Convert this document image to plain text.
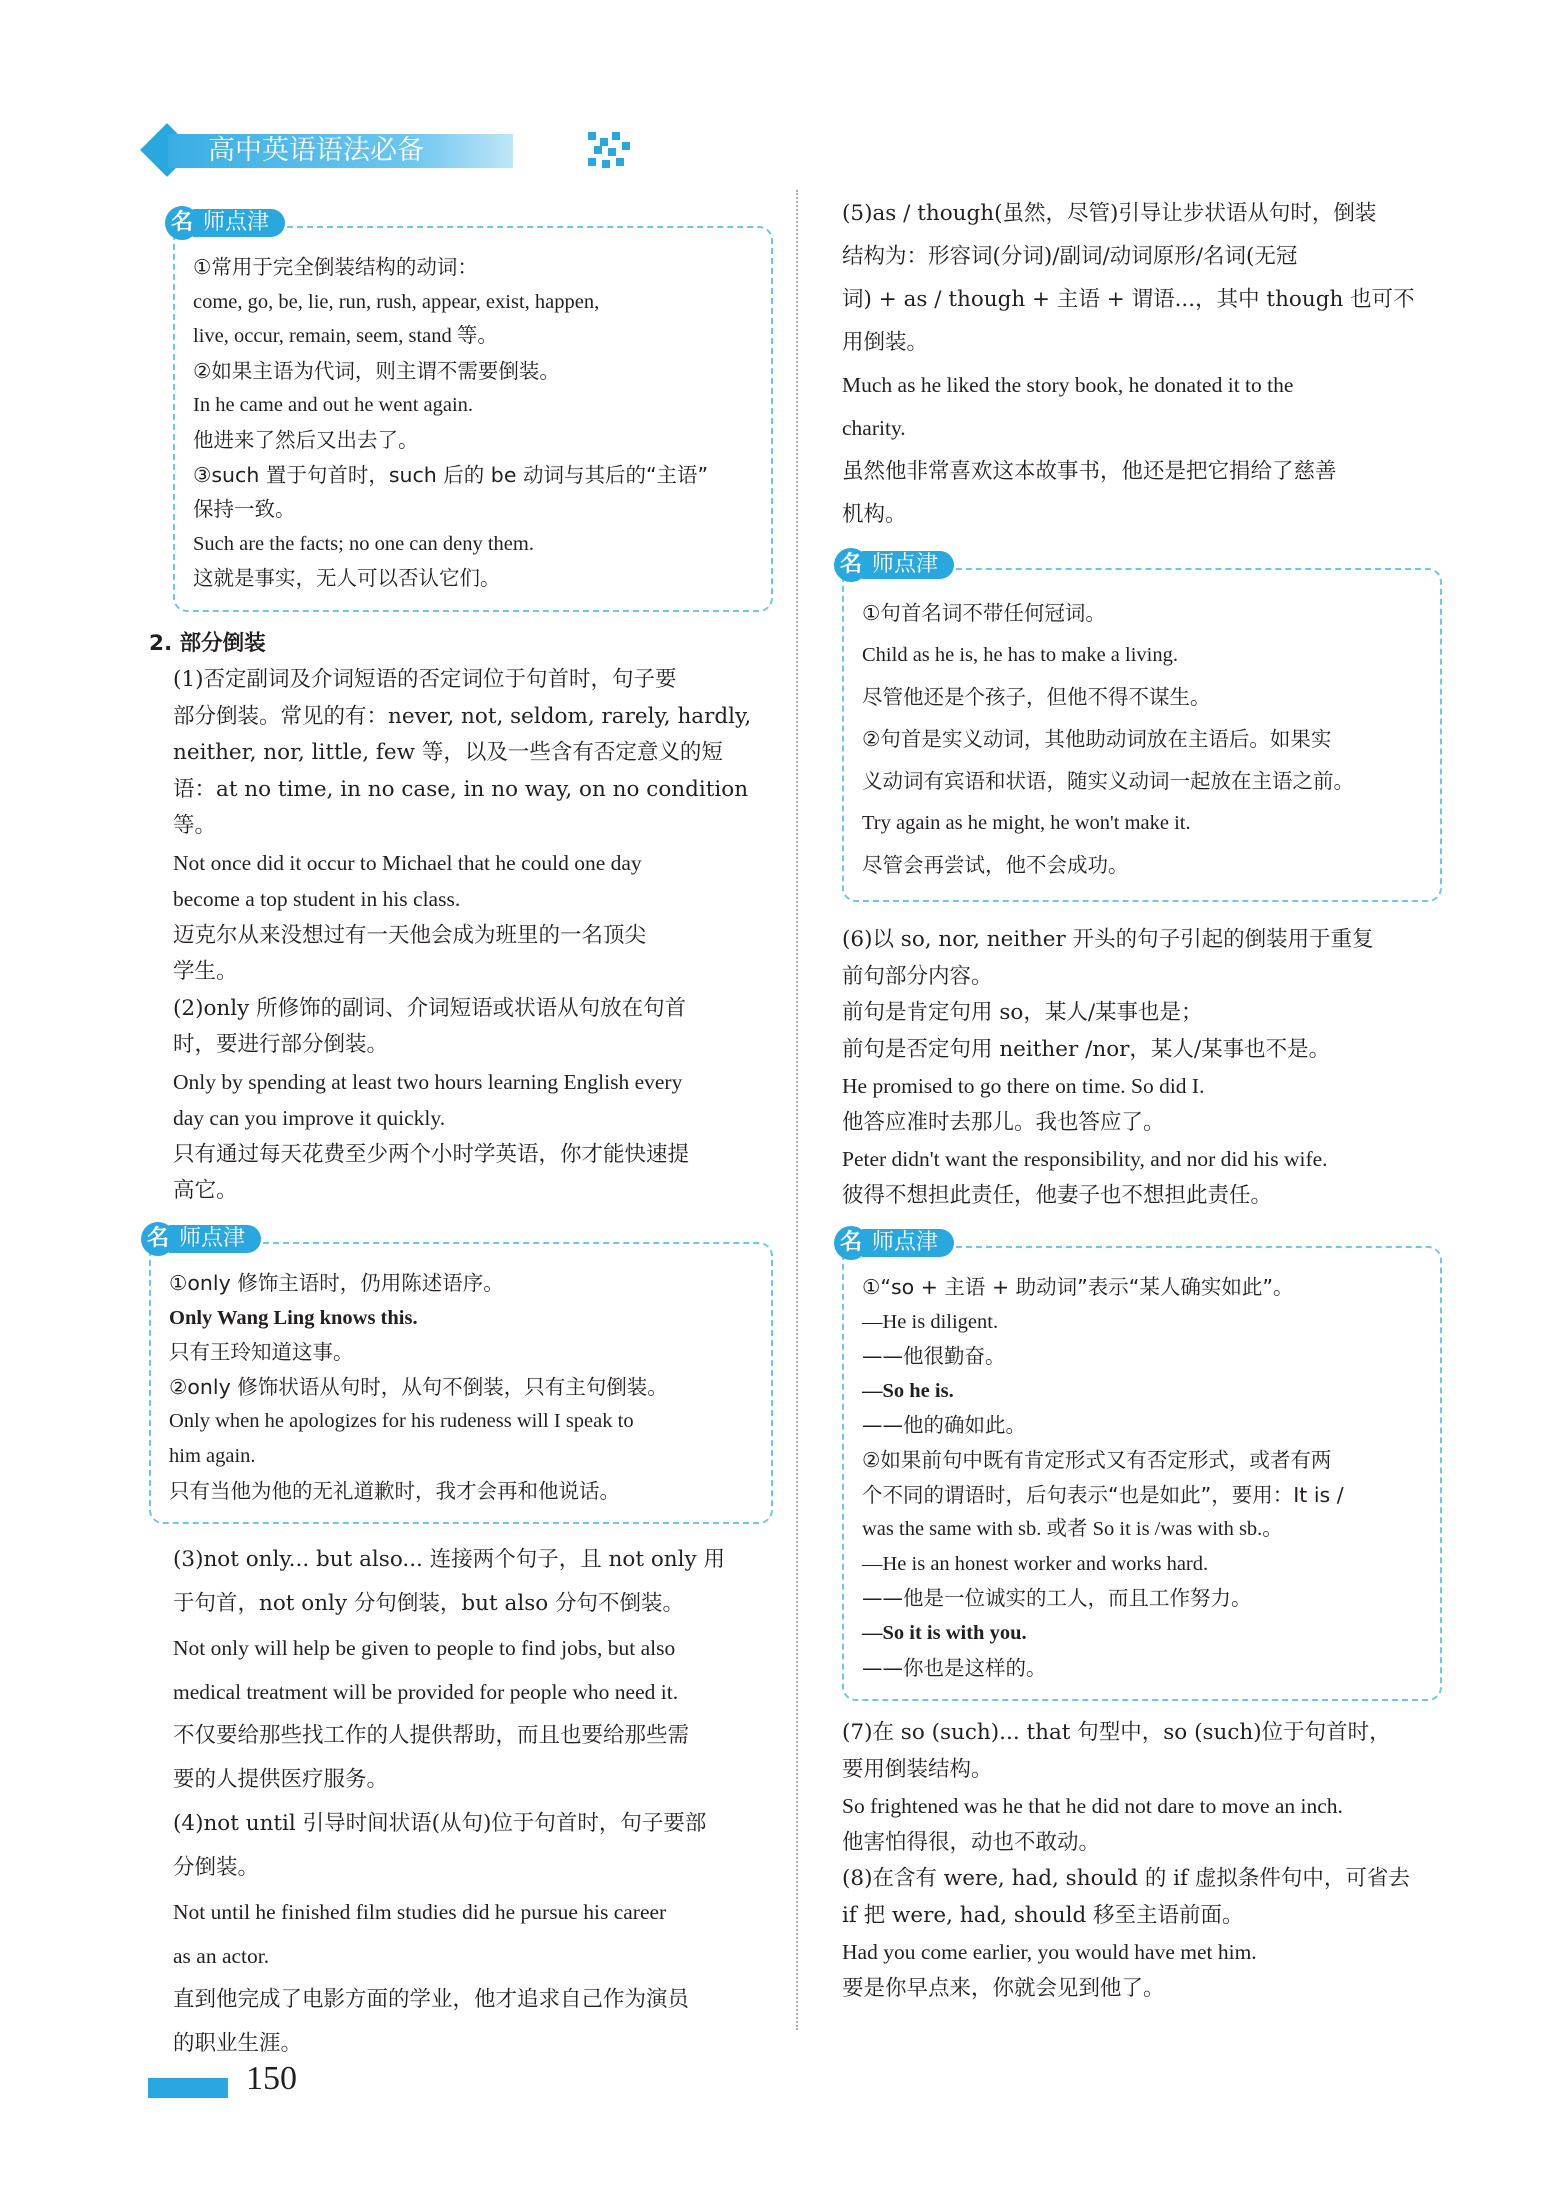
高中英语语法必备
名 师点津

①常用于完全倒装结构的动词：

come, go, be, lie, run, rush, appear, exist, happen,

live, occur, remain, seem, stand 等。

②如果主语为代词，则主谓不需要倒装。

In he came and out he went again.

他进来了然后又出去了。

③such 置于句首时，such 后的 be 动词与其后的“主语”

保持一致。

Such are the facts; no one can deny them.

这就是事实，无人可以否认它们。

2. 部分倒装

(1)否定副词及介词短语的否定词位于句首时，句子要

部分倒装。常见的有：never, not, seldom, rarely, hardly,

neither, nor, little, few 等，以及一些含有否定意义的短

语：at no time, in no case, in no way, on no condition 等。

Not once did it occur to Michael that he could one day

become a top student in his class.

迈克尔从来没想过有一天他会成为班里的一名顶尖

学生。

(2)only 所修饰的副词、介词短语或状语从句放在句首

时，要进行部分倒装。

Only by spending at least two hours learning English every

day can you improve it quickly.

只有通过每天花费至少两个小时学英语，你才能快速提

高它。

名 师点津

①only 修饰主语时，仍用陈述语序。

Only Wang Ling knows this.

只有王玲知道这事。

②only 修饰状语从句时，从句不倒装，只有主句倒装。

Only when he apologizes for his rudeness will I speak to

him again.

只有当他为他的无礼道歉时，我才会再和他说话。

(3)not only... but also... 连接两个句子，且 not only 用

于句首，not only 分句倒装，but also 分句不倒装。

Not only will help be given to people to find jobs, but also

medical treatment will be provided for people who need it.

不仅要给那些找工作的人提供帮助，而且也要给那些需

要的人提供医疗服务。

(4)not until 引导时间状语(从句)位于句首时，句子要部

分倒装。

Not until he finished film studies did he pursue his career

as an actor.

直到他完成了电影方面的学业，他才追求自己作为演员

的职业生涯。

(5)as / though(虽然，尽管)引导让步状语从句时，倒装

结构为：形容词(分词)/副词/动词原形/名词(无冠

词) + as / though + 主语 + 谓语...，其中 though 也可不

用倒装。

Much as he liked the story book, he donated it to the

charity.

虽然他非常喜欢这本故事书，他还是把它捐给了慈善

机构。

名 师点津

①句首名词不带任何冠词。

Child as he is, he has to make a living.

尽管他还是个孩子，但他不得不谋生。

②句首是实义动词，其他助动词放在主语后。如果实

义动词有宾语和状语，随实义动词一起放在主语之前。

Try again as he might, he won't make it.

尽管会再尝试，他不会成功。

(6)以 so, nor, neither 开头的句子引起的倒装用于重复

前句部分内容。

前句是肯定句用 so，某人/某事也是；

前句是否定句用 neither /nor，某人/某事也不是。

He promised to go there on time. So did I.

他答应准时去那儿。我也答应了。

Peter didn't want the responsibility, and nor did his wife.

彼得不想担此责任，他妻子也不想担此责任。

名 师点津

①“so + 主语 + 助动词”表示“某人确实如此”。

—He is diligent.

——他很勤奋。

—So he is.

——他的确如此。

②如果前句中既有肯定形式又有否定形式，或者有两

个不同的谓语时，后句表示“也是如此”，要用：It is /

was the same with sb. 或者 So it is /was with sb.。

—He is an honest worker and works hard.

——他是一位诚实的工人，而且工作努力。

—So it is with you.

——你也是这样的。

(7)在 so (such)... that 句型中，so (such)位于句首时，

要用倒装结构。

So frightened was he that he did not dare to move an inch.

他害怕得很，动也不敢动。

(8)在含有 were, had, should 的 if 虚拟条件句中，可省去

if 把 were, had, should 移至主语前面。

Had you come earlier, you would have met him.

要是你早点来，你就会见到他了。

150
